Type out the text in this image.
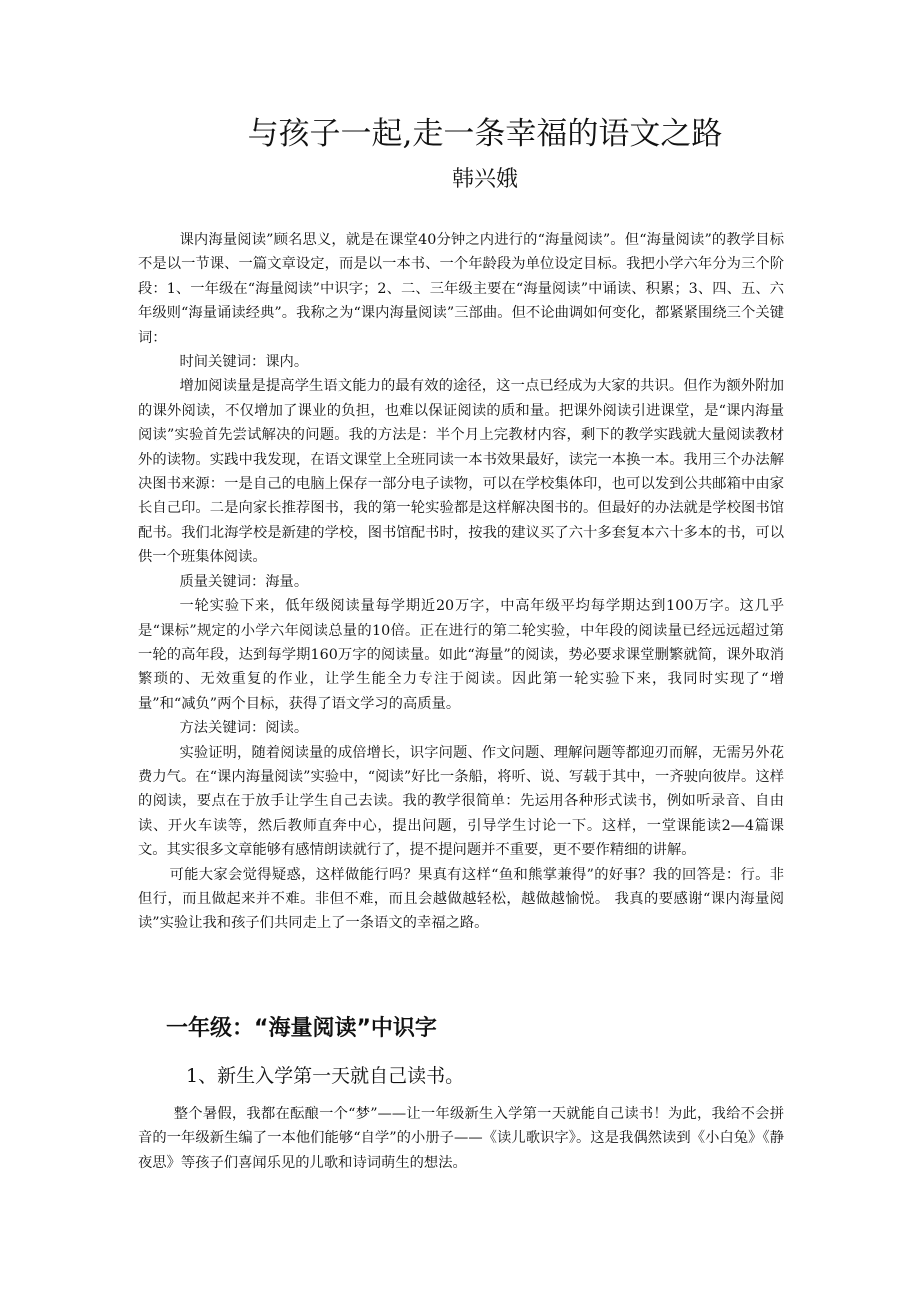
与孩子一起,走一条幸福的语文之路
韩兴娥

课内海量阅读”顾名思义，就是在课堂40分钟之内进行的“海量阅读”。但“海量阅读”的教学目标不是以一节课、一篇文章设定，而是以一本书、一个年龄段为单位设定目标。我把小学六年分为三个阶段：1、一年级在“海量阅读”中识字；2、二、三年级主要在“海量阅读”中诵读、积累；3、四、五、六年级则“海量诵读经典”。我称之为“课内海量阅读”三部曲。但不论曲调如何变化，都紧紧围绕三个关键词：

时间关键词：课内。

增加阅读量是提高学生语文能力的最有效的途径，这一点已经成为大家的共识。但作为额外附加的课外阅读，不仅增加了课业的负担，也难以保证阅读的质和量。把课外阅读引进课堂，是“课内海量阅读”实验首先尝试解决的问题。我的方法是：半个月上完教材内容，剩下的教学实践就大量阅读教材外的读物。实践中我发现，在语文课堂上全班同读一本书效果最好，读完一本换一本。我用三个办法解决图书来源：一是自己的电脑上保存一部分电子读物，可以在学校集体印，也可以发到公共邮箱中由家长自己印。二是向家长推荐图书，我的第一轮实验都是这样解决图书的。但最好的办法就是学校图书馆配书。我们北海学校是新建的学校，图书馆配书时，按我的建议买了六十多套复本六十多本的书，可以供一个班集体阅读。

质量关键词：海量。

一轮实验下来，低年级阅读量每学期近20万字，中高年级平均每学期达到100万字。这几乎是“课标”规定的小学六年阅读总量的10倍。正在进行的第二轮实验，中年段的阅读量已经远远超过第一轮的高年段，达到每学期160万字的阅读量。如此“海量”的阅读，势必要求课堂删繁就简，课外取消繁琐的、无效重复的作业，让学生能全力专注于阅读。因此第一轮实验下来，我同时实现了“增量”和“减负”两个目标，获得了语文学习的高质量。

方法关键词：阅读。

实验证明，随着阅读量的成倍增长，识字问题、作文问题、理解问题等都迎刃而解，无需另外花费力气。在“课内海量阅读”实验中，“阅读”好比一条船，将听、说、写载于其中，一齐驶向彼岸。这样的阅读，要点在于放手让学生自己去读。我的教学很简单：先运用各种形式读书，例如听录音、自由读、开火车读等，然后教师直奔中心，提出问题，引导学生讨论一下。这样，一堂课能读2—4篇课文。其实很多文章能够有感情朗读就行了，提不提问题并不重要，更不要作精细的讲解。

可能大家会觉得疑惑，这样做能行吗？果真有这样“鱼和熊掌兼得”的好事？我的回答是：行。非但行，而且做起来并不难。非但不难，而且会越做越轻松，越做越愉悦。 我真的要感谢“课内海量阅读”实验让我和孩子们共同走上了一条语文的幸福之路。

一年级：“海量阅读”中识字
1、新生入学第一天就自己读书。

整个暑假，我都在酝酿一个“梦”——让一年级新生入学第一天就能自己读书！为此，我给不会拼音的一年级新生编了一本他们能够“自学”的小册子——《读儿歌识字》。这是我偶然读到《小白兔》《静夜思》等孩子们喜闻乐见的儿歌和诗词萌生的想法。
